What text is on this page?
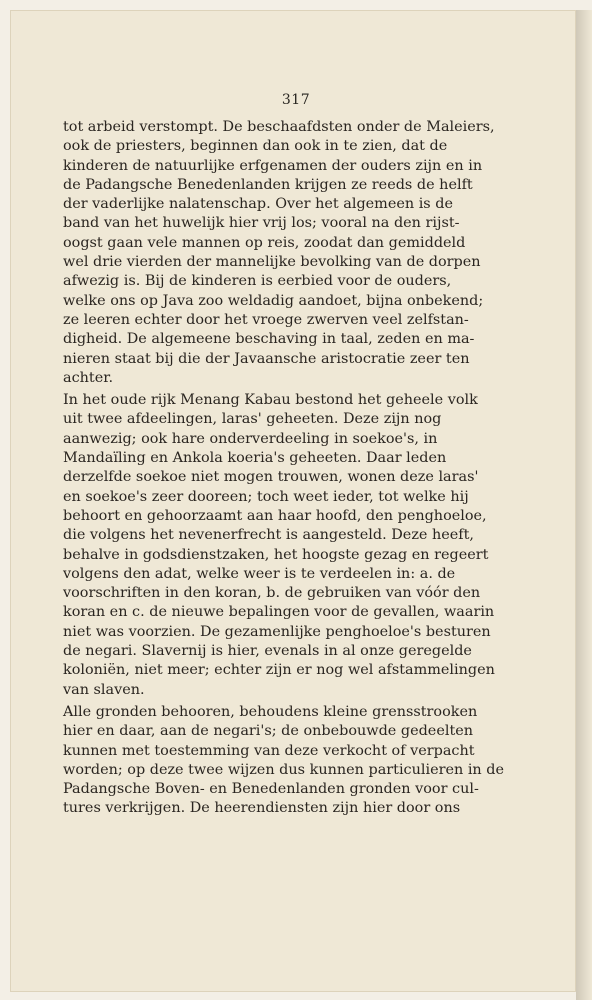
317

tot arbeid verstompt. De beschaafdsten onder de Maleiers,
ook de priesters, beginnen dan ook in te zien, dat de
kinderen de natuurlijke erfgenamen der ouders zijn en in
de Padangsche Benedenlanden krijgen ze reeds de helft
der vaderlijke nalatenschap. Over het algemeen is de
band van het huwelijk hier vrij los; vooral na den rijst-
oogst gaan vele mannen op reis, zoodat dan gemiddeld
wel drie vierden der mannelijke bevolking van de dorpen
afwezig is. Bij de kinderen is eerbied voor de ouders,
welke ons op Java zoo weldadig aandoet, bijna onbekend;
ze leeren echter door het vroege zwerven veel zelfstan-
digheid. De algemeene beschaving in taal, zeden en ma-
nieren staat bij die der Javaansche aristocratie zeer ten
achter.

In het oude rijk Menang Kabau bestond het geheele volk
uit twee afdeelingen, laras' geheeten. Deze zijn nog
aanwezig; ook hare onderverdeeling in soekoe's, in
Mandaïling en Ankola koeria's geheeten. Daar leden
derzelfde soekoe niet mogen trouwen, wonen deze laras'
en soekoe's zeer dooreen; toch weet ieder, tot welke hij
behoort en gehoorzaamt aan haar hoofd, den penghoeloe,
die volgens het nevenerfrecht is aangesteld. Deze heeft,
behalve in godsdienstzaken, het hoogste gezag en regeert
volgens den adat, welke weer is te verdeelen in: a. de
voorschriften in den koran, b. de gebruiken van vóór den
koran en c. de nieuwe bepalingen voor de gevallen, waarin
niet was voorzien. De gezamenlijke penghoeloe's besturen
de negari. Slavernij is hier, evenals in al onze geregelde
koloniën, niet meer; echter zijn er nog wel afstammelingen
van slaven.

Alle gronden behooren, behoudens kleine grensstrooken
hier en daar, aan de negari's; de onbebouwde gedeelten
kunnen met toestemming van deze verkocht of verpacht
worden; op deze twee wijzen dus kunnen particulieren in de
Padangsche Boven- en Benedenlanden gronden voor cul-
tures verkrijgen. De heerendiensten zijn hier door ons
